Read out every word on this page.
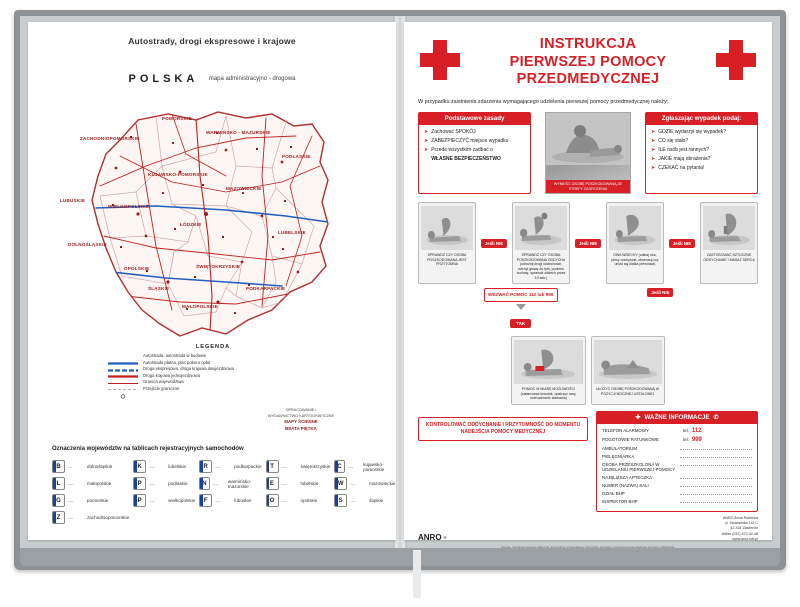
Autostrady, drogi ekspresowe i krajowe
POLSKA mapa administracyjno - drogowa
ZACHODNIOPOMORSKIE
POMORSKIE
WARMIŃSKO - MAZURSKIE
PODLASKIE
KUJAWSKO-POMORSKIE
MAZOWIECKIE
LUBUSKIE
WIELKOPOLSKIE
ŁÓDZKIE
LUBELSKIE
DOLNOŚLĄSKIE
OPOLSKIE
ŚLĄSKIE
ŚWIĘTOKRZYSKIE
PODKARPACKIE
MAŁOPOLSKIE
LEGENDA
Autostrada, autostrada w budowie
Autostrada płatna, plac poboru opłat
Droga ekspresowa, droga krajowa dwujezdniowa
Droga krajowa jednojezdniowa
Granica województwa
Przejście graniczne
OPRACOWANIE I
WYDAWNICTWO KARTOGRAFICZNE
MAPY ŚCIENNE
BEATA PIĘTKA
Oznaczenia województw na tablicach rejestracyjnych samochodów
B	...	dolnośląskie	K	....	lubelskie	R	....	podkarpackie	T	....	świętokrzyskie	C	....	kujawsko-pomorskie
L	....	małopolskie	P	....	podlaskie	N	....	warmińsko-mazurskie	E	....	lubelskie	W	....	mazowieckie
G	....	pomorskie	P	....	wielkopolskie	F	....	lubuskie	O	....	opolskie	S	....	śląskie
Z	....	zachodniopomorskie
INSTRUKCJA
PIERWSZEJ POMOCY
PRZEDMEDYCZNEJ
W przypadku zaistnienia zdarzenia wymagającego udzielenia pierwszej pomocy przedmedycznej należy:
Podstawowe zasady
➤ Zachować SPOKÓJ
➤ ZABEZPIECZYĆ miejsce wypadku
➤ Przede wszystkim zadbać o
WŁASNE BEZPIECZEŃSTWO
WYNIEŚĆ OSOBĘ POSZKODOWANĄ ZE STREFY ZAGROŻENIA
Zgłaszając wypadek podaj:
➤ GDZIE wydarzył się wypadek?
➤ CO się stało?
➤ ILE osób jest rannych?
➤ JAKIE mają obrażenia?
➤ CZEKAĆ na pytania!
SPRAWDŹ CZY OSOBA POSZKODOWANA JEST PRZYTOMNA
Jeśli NIE
SPRAWDŹ CZY OSOBA POSZKODOWANA ODDYCHA (udrożnij drogi oddechowe, odchyl głowę do tyłu, podnieś żuchwę, sprawdź oddech przez 10 sek.)
Jeśli NIE
DWA WDECHY (zatkaj nos, plecy odchylone, obserwuj czy unosi się klatka piersiowa)
Jeśli NIE
ZASTOSOWAĆ SZTUCZNE ODDYCHANIE I MASAŻ SERCA
WEZWAĆ POMOC 112 lub 999
TAK
Jeśli NIE
POMOC W MIARĘ MOŻLIWOŚCI (zatamować krwotok, opatrzyć rany, unieruchomić złamania)
UŁOŻYĆ OSOBĘ POSZKODOWANĄ W POZYCJI BOCZNEJ USTALONEJ
KONTROLOWAĆ ODDYCHANIE I PRZYTOMNOŚĆ DO MOMENTU NADEJŚCIA POMOCY MEDYCZNEJ
✚ WAŻNE INFORMACJE ✆
TELEFON ALARMOWY	tel. 112
POGOTOWIE RATUNKOWE	tel. 999
AMBULATORIUM
PIELĘGNIARKA
OSOBA PRZESZKOLONA W UDZIELANIU PIERWSZEJ POMOCY
NAJBLIŻSZA APTECZKA
NUMER (NAZWA) SALI
DZIAŁ BHP
INSPEKTOR BHP
ANRO ®
ANRO Anna Robenka
ul. Słowiańska 118 C
42-431 Zawiercie
tel/fax (032) 672-42-48
www.anro.net.pl
Uwaga: Instrukcja stanowi załącznik pomocniczy. Pracodawca, kierownik i kierujący rozpowszechnia właściwe przepisy zakładowe.
